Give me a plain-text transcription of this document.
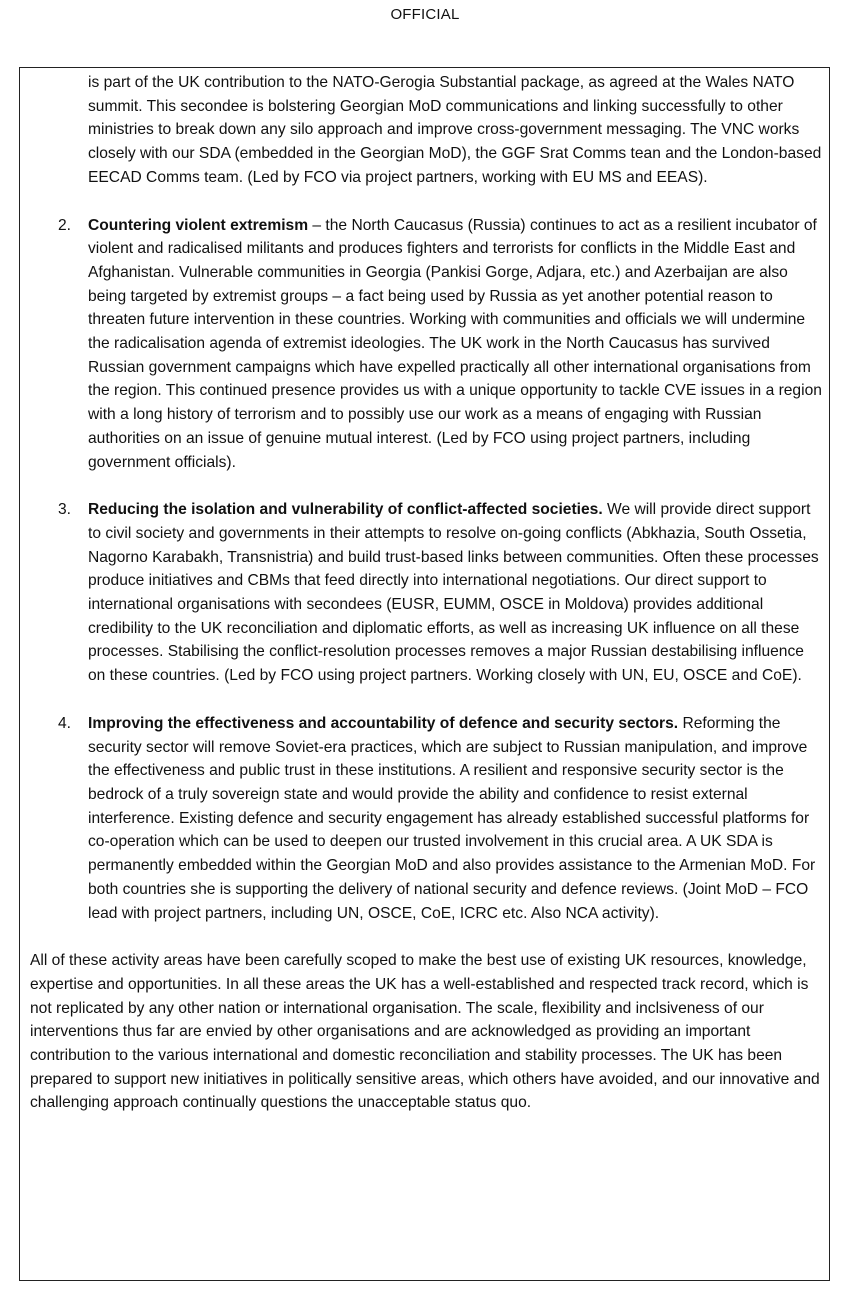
OFFICIAL
is part of the UK contribution to the NATO-Gerogia Substantial package, as agreed at the Wales NATO summit. This secondee is bolstering Georgian MoD communications and linking successfully to other ministries to break down any silo approach and improve cross-government messaging. The VNC works closely with our SDA (embedded in the Georgian MoD), the GGF Srat Comms tean and the London-based EECAD Comms team. (Led by FCO via project partners, working with EU MS and EEAS).
2.	Countering violent extremism – the North Caucasus (Russia) continues to act as a resilient incubator of violent and radicalised militants and produces fighters and terrorists for conflicts in the Middle East and Afghanistan. Vulnerable communities in Georgia (Pankisi Gorge, Adjara, etc.) and Azerbaijan are also being targeted by extremist groups – a fact being used by Russia as yet another potential reason to threaten future intervention in these countries. Working with communities and officials we will undermine the radicalisation agenda of extremist ideologies. The UK work in the North Caucasus has survived Russian government campaigns which have expelled practically all other international organisations from the region. This continued presence provides us with a unique opportunity to tackle CVE issues in a region with a long history of terrorism and to possibly use our work as a means of engaging with Russian authorities on an issue of genuine mutual interest. (Led by FCO using project partners, including government officials).
3.	Reducing the isolation and vulnerability of conflict-affected societies. We will provide direct support to civil society and governments in their attempts to resolve on-going conflicts (Abkhazia, South Ossetia, Nagorno Karabakh, Transnistria) and build trust-based links between communities. Often these processes produce initiatives and CBMs that feed directly into international negotiations. Our direct support to international organisations with secondees (EUSR, EUMM, OSCE in Moldova) provides additional credibility to the UK reconciliation and diplomatic efforts, as well as increasing UK influence on all these processes. Stabilising the conflict-resolution processes removes a major Russian destabilising influence on these countries. (Led by FCO using project partners. Working closely with UN, EU, OSCE and CoE).
4.	Improving the effectiveness and accountability of defence and security sectors. Reforming the security sector will remove Soviet-era practices, which are subject to Russian manipulation, and improve the effectiveness and public trust in these institutions. A resilient and responsive security sector is the bedrock of a truly sovereign state and would provide the ability and confidence to resist external interference. Existing defence and security engagement has already established successful platforms for co-operation which can be used to deepen our trusted involvement in this crucial area. A UK SDA is permanently embedded within the Georgian MoD and also provides assistance to the Armenian MoD. For both countries she is supporting the delivery of national security and defence reviews. (Joint MoD – FCO lead with project partners, including UN, OSCE, CoE, ICRC etc. Also NCA activity).
All of these activity areas have been carefully scoped to make the best use of existing UK resources, knowledge, expertise and opportunities. In all these areas the UK has a well-established and respected track record, which is not replicated by any other nation or international organisation. The scale, flexibility and inclsiveness of our interventions thus far are envied by other organisations and are acknowledged as providing an important contribution to the various international and domestic reconciliation and stability processes. The UK has been prepared to support new initiatives in politically sensitive areas, which others have avoided, and our innovative and challenging approach continually questions the unacceptable status quo.
